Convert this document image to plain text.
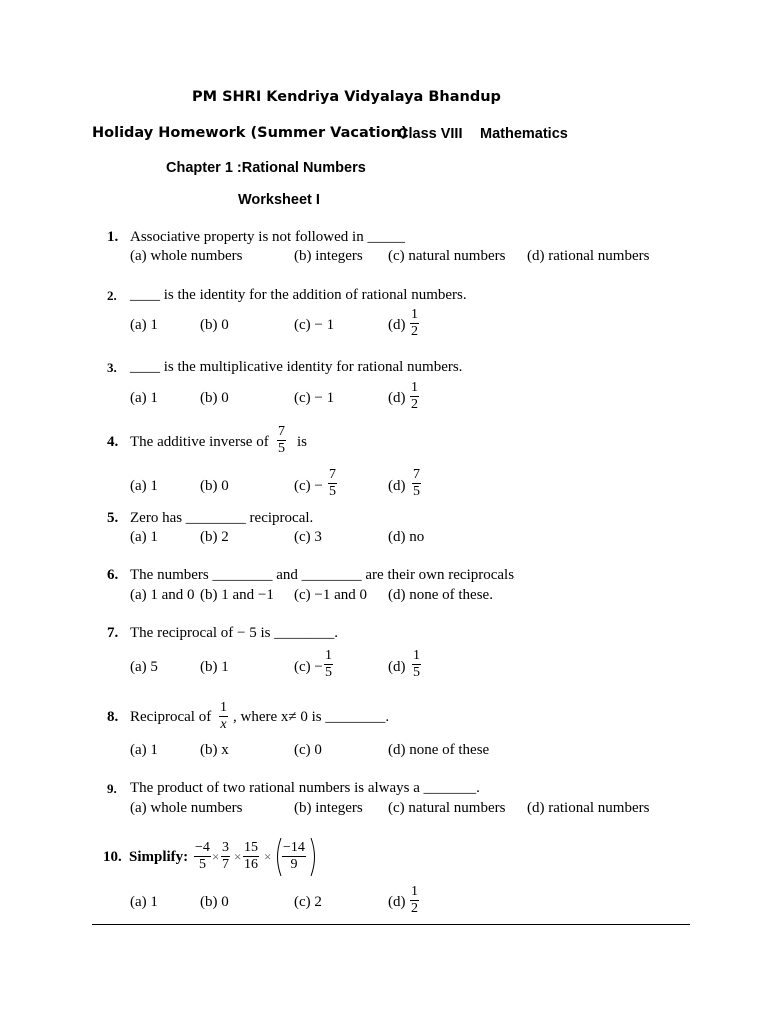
PM SHRI Kendriya Vidyalaya Bhandup
Holiday Homework (Summer Vacation)
Class VIII Mathematics
Chapter 1 :Rational Numbers
Worksheet I
1. Associative property is not followed in _____
(a) whole numbers	(b) integers (c) natural numbers (d) rational numbers
2. ____ is the identity for the addition of rational numbers.
(a) 1	(b) 0	(c) − 1	$(d) \frac{1}{2}$
3. ____ is the multiplicative identity for rational numbers.
(a) 1	(b) 0	(c) − 1	$(d) \frac{1}{2}$
4. The additive inverse of $\frac{7}{5}$ is
(a) 1	(b) 0	$(c) - \frac{7}{5}$	$(d) \frac{7}{5}$
5. Zero has ________ reciprocal.
(a) 1	(b) 2	(c) 3	(d) no
6. The numbers ________ and ________ are their own reciprocals
(a) 1 and 0 (b) 1 and −1 (c) −1 and 0 (d) none of these.
7. The reciprocal of − 5 is ________.
(a) 5	(b) 1	$(c) - \frac{1}{5}$	$(d) \frac{1}{5}$
8. Reciprocal of $\frac{1}{x}$ , where x≠ 0 is ________.
(a) 1	(b) x	(c) 0	(d) none of these
9. The product of two rational numbers is always a _______.
(a) whole numbers	(b) integers (c) natural numbers (d) rational numbers
10. Simplify: $\frac{-4}{5} \times \frac{3}{7} \times \frac{15}{16} \times \frac{-14}{9}$
(a) 1	(b) 0	(c) 2	$(d) \frac{1}{2}$
